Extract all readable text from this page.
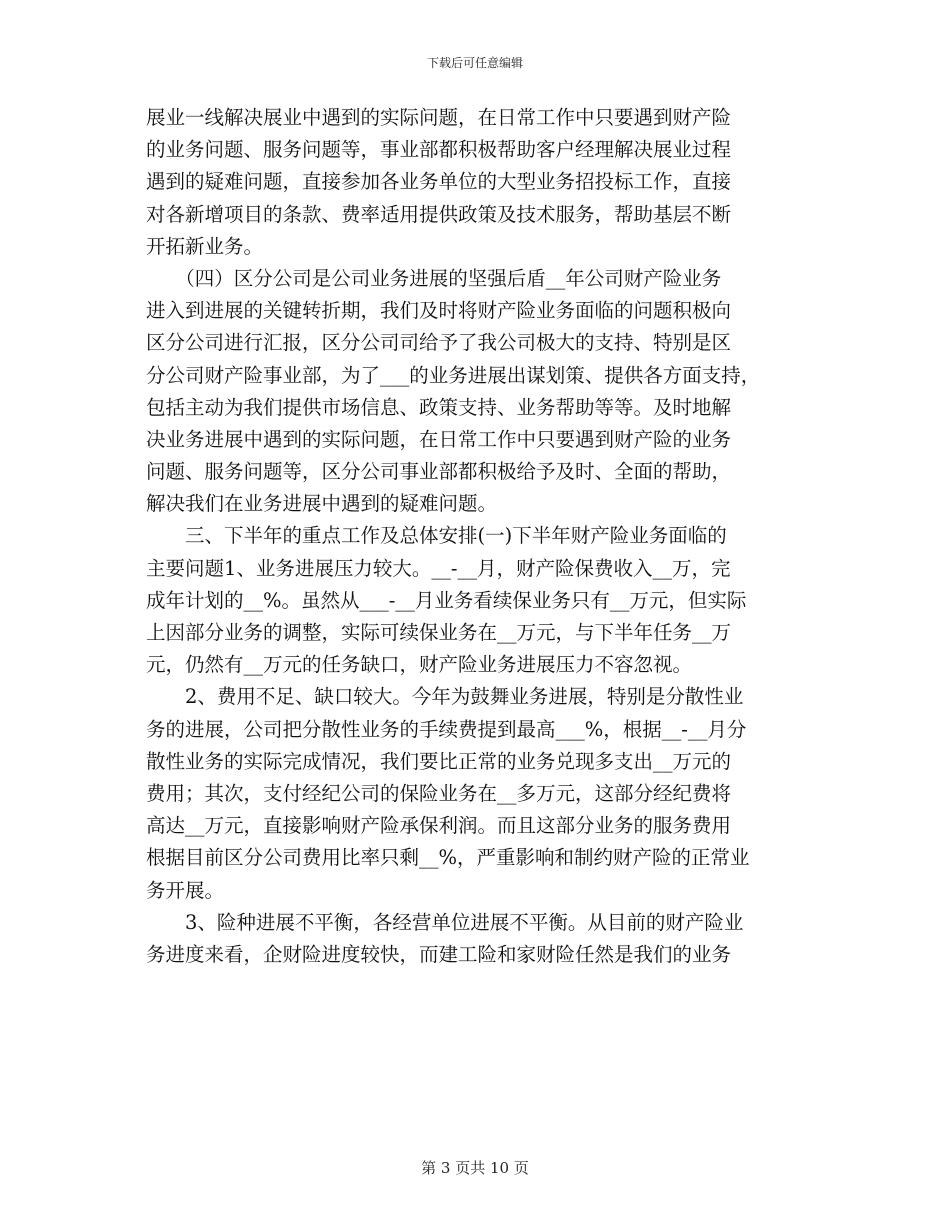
下载后可任意编辑
展业一线解决展业中遇到的实际问题，在日常工作中只要遇到财产险
的业务问题、服务问题等，事业部都积极帮助客户经理解决展业过程
遇到的疑难问题，直接参加各业务单位的大型业务招投标工作，直接
对各新增项目的条款、费率适用提供政策及技术服务，帮助基层不断
开拓新业务。
　　（四）区分公司是公司业务进展的坚强后盾__年公司财产险业务
进入到进展的关键转折期，我们及时将财产险业务面临的问题积极向
区分公司进行汇报，区分公司司给予了我公司极大的支持、特别是区
分公司财产险事业部，为了___的业务进展出谋划策、提供各方面支持，
包括主动为我们提供市场信息、政策支持、业务帮助等等。及时地解
决业务进展中遇到的实际问题，在日常工作中只要遇到财产险的业务
问题、服务问题等，区分公司事业部都积极给予及时、全面的帮助，
解决我们在业务进展中遇到的疑难问题。
　　三、下半年的重点工作及总体安排(一)下半年财产险业务面临的
主要问题1、业务进展压力较大。__-__月，财产险保费收入__万，完
成年计划的__%。虽然从___-__月业务看续保业务只有__万元，但实际
上因部分业务的调整，实际可续保业务在__万元，与下半年任务__万
元，仍然有__万元的任务缺口，财产险业务进展压力不容忽视。
　　2、费用不足、缺口较大。今年为鼓舞业务进展，特别是分散性业
务的进展，公司把分散性业务的手续费提到最高___%，根据__-__月分
散性业务的实际完成情况，我们要比正常的业务兑现多支出__万元的
费用；其次，支付经纪公司的保险业务在__多万元，这部分经纪费将
高达__万元，直接影响财产险承保利润。而且这部分业务的服务费用
根据目前区分公司费用比率只剩__%，严重影响和制约财产险的正常业
务开展。
　　3、险种进展不平衡，各经营单位进展不平衡。从目前的财产险业
务进度来看，企财险进度较快，而建工险和家财险任然是我们的业务
第 3 页共 10 页
